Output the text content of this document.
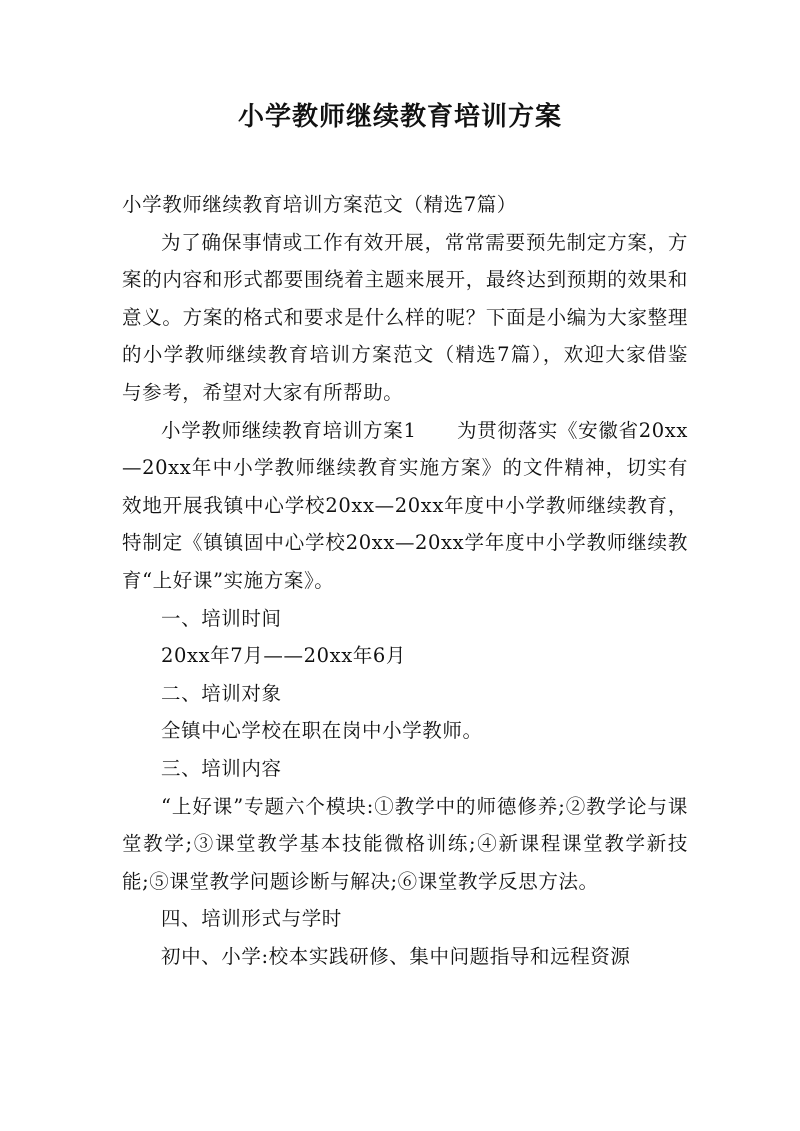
小学教师继续教育培训方案

小学教师继续教育培训方案范文（精选7篇）

为了确保事情或工作有效开展，常常需要预先制定方案，方案的内容和形式都要围绕着主题来展开，最终达到预期的效果和意义。方案的格式和要求是什么样的呢？下面是小编为大家整理的小学教师继续教育培训方案范文（精选7篇），欢迎大家借鉴与参考，希望对大家有所帮助。

小学教师继续教育培训方案1　　为贯彻落实《安徽省20xx—20xx年中小学教师继续教育实施方案》的文件精神，切实有效地开展我镇中心学校20xx—20xx年度中小学教师继续教育，特制定《镇镇固中心学校20xx—20xx学年度中小学教师继续教育“上好课”实施方案》。

一、培训时间

20xx年7月——20xx年6月

二、培训对象

全镇中心学校在职在岗中小学教师。

三、培训内容

“上好课”专题六个模块:①教学中的师德修养;②教学论与课堂教学;③课堂教学基本技能微格训练;④新课程课堂教学新技能;⑤课堂教学问题诊断与解决;⑥课堂教学反思方法。

四、培训形式与学时

初中、小学:校本实践研修、集中问题指导和远程资源
